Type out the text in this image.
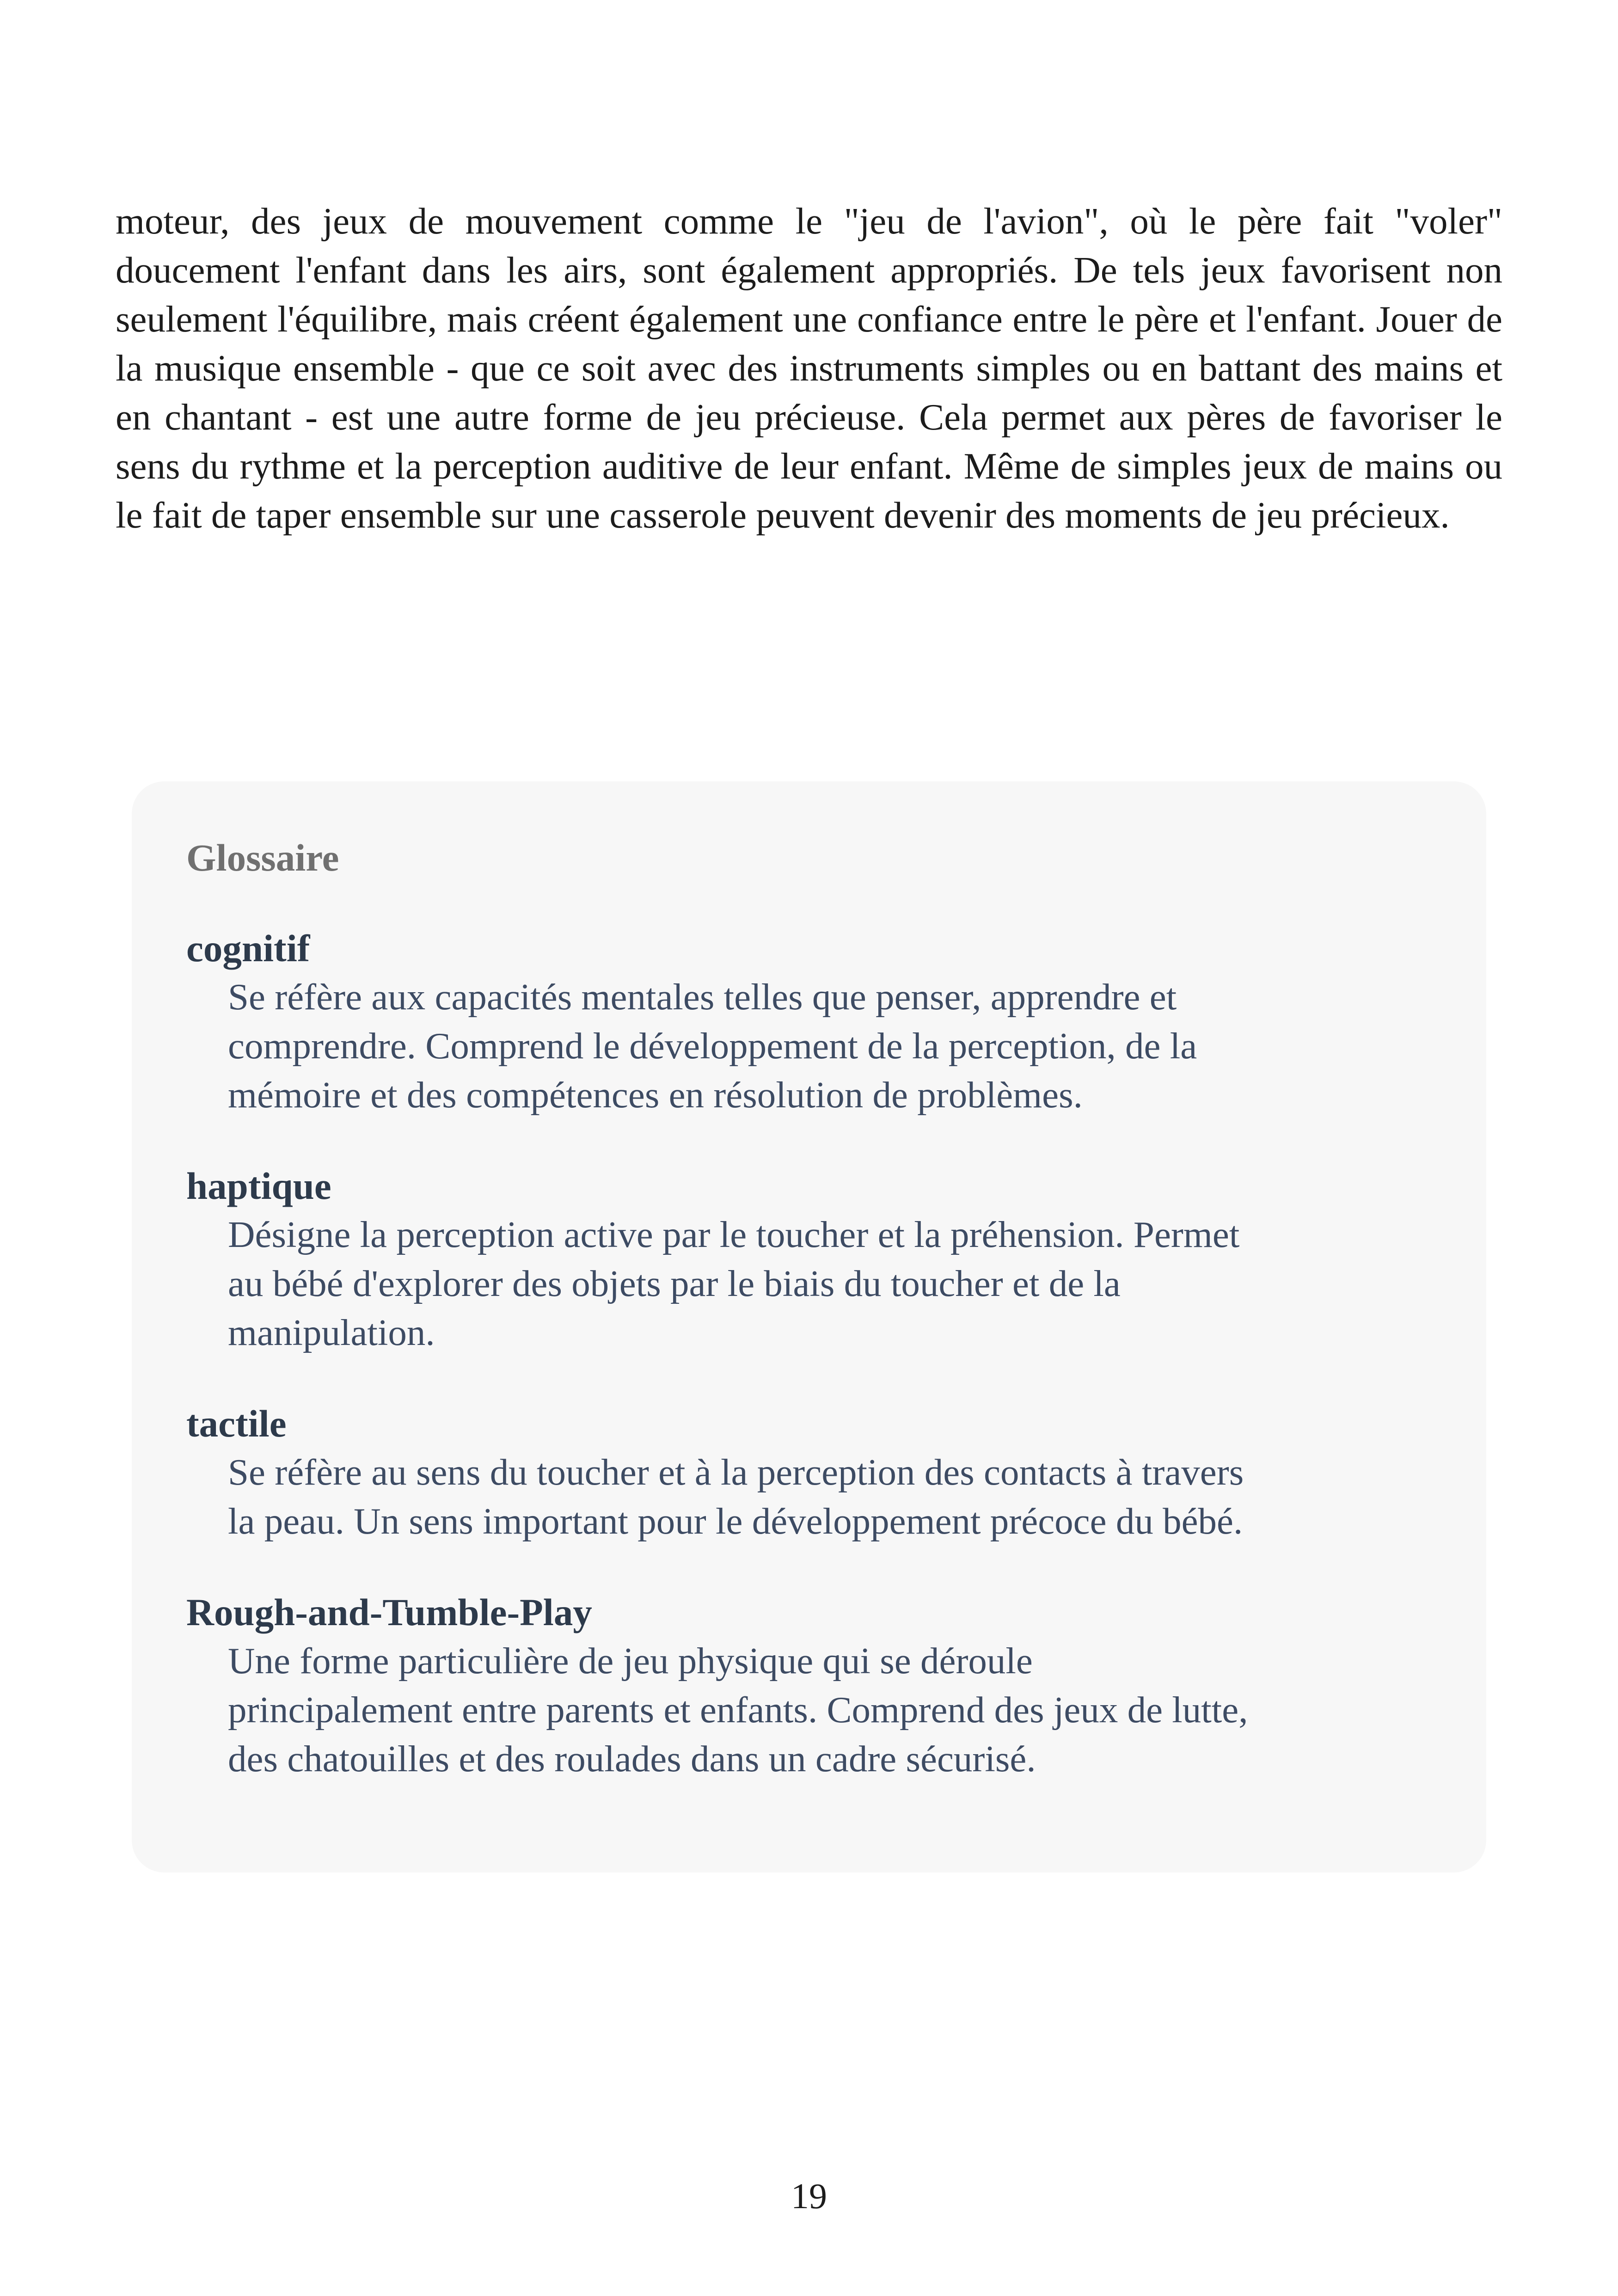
moteur, des jeux de mouvement comme le "jeu de l'avion", où le père fait "voler" doucement l'enfant dans les airs, sont également appropriés. De tels jeux favorisent non seulement l'équilibre, mais créent également une confiance entre le père et l'enfant. Jouer de la musique ensemble - que ce soit avec des instruments simples ou en battant des mains et en chantant - est une autre forme de jeu précieuse. Cela permet aux pères de favoriser le sens du rythme et la perception auditive de leur enfant. Même de simples jeux de mains ou le fait de taper ensemble sur une casserole peuvent devenir des moments de jeu précieux.

Glossaire

cognitif

Se réfère aux capacités mentales telles que penser, apprendre et
comprendre. Comprend le développement de la perception, de la
mémoire et des compétences en résolution de problèmes.

haptique

Désigne la perception active par le toucher et la préhension. Permet
au bébé d'explorer des objets par le biais du toucher et de la
manipulation.

tactile

Se réfère au sens du toucher et à la perception des contacts à travers
la peau. Un sens important pour le développement précoce du bébé.

Rough-and-Tumble-Play

Une forme particulière de jeu physique qui se déroule
principalement entre parents et enfants. Comprend des jeux de lutte,
des chatouilles et des roulades dans un cadre sécurisé.

19
